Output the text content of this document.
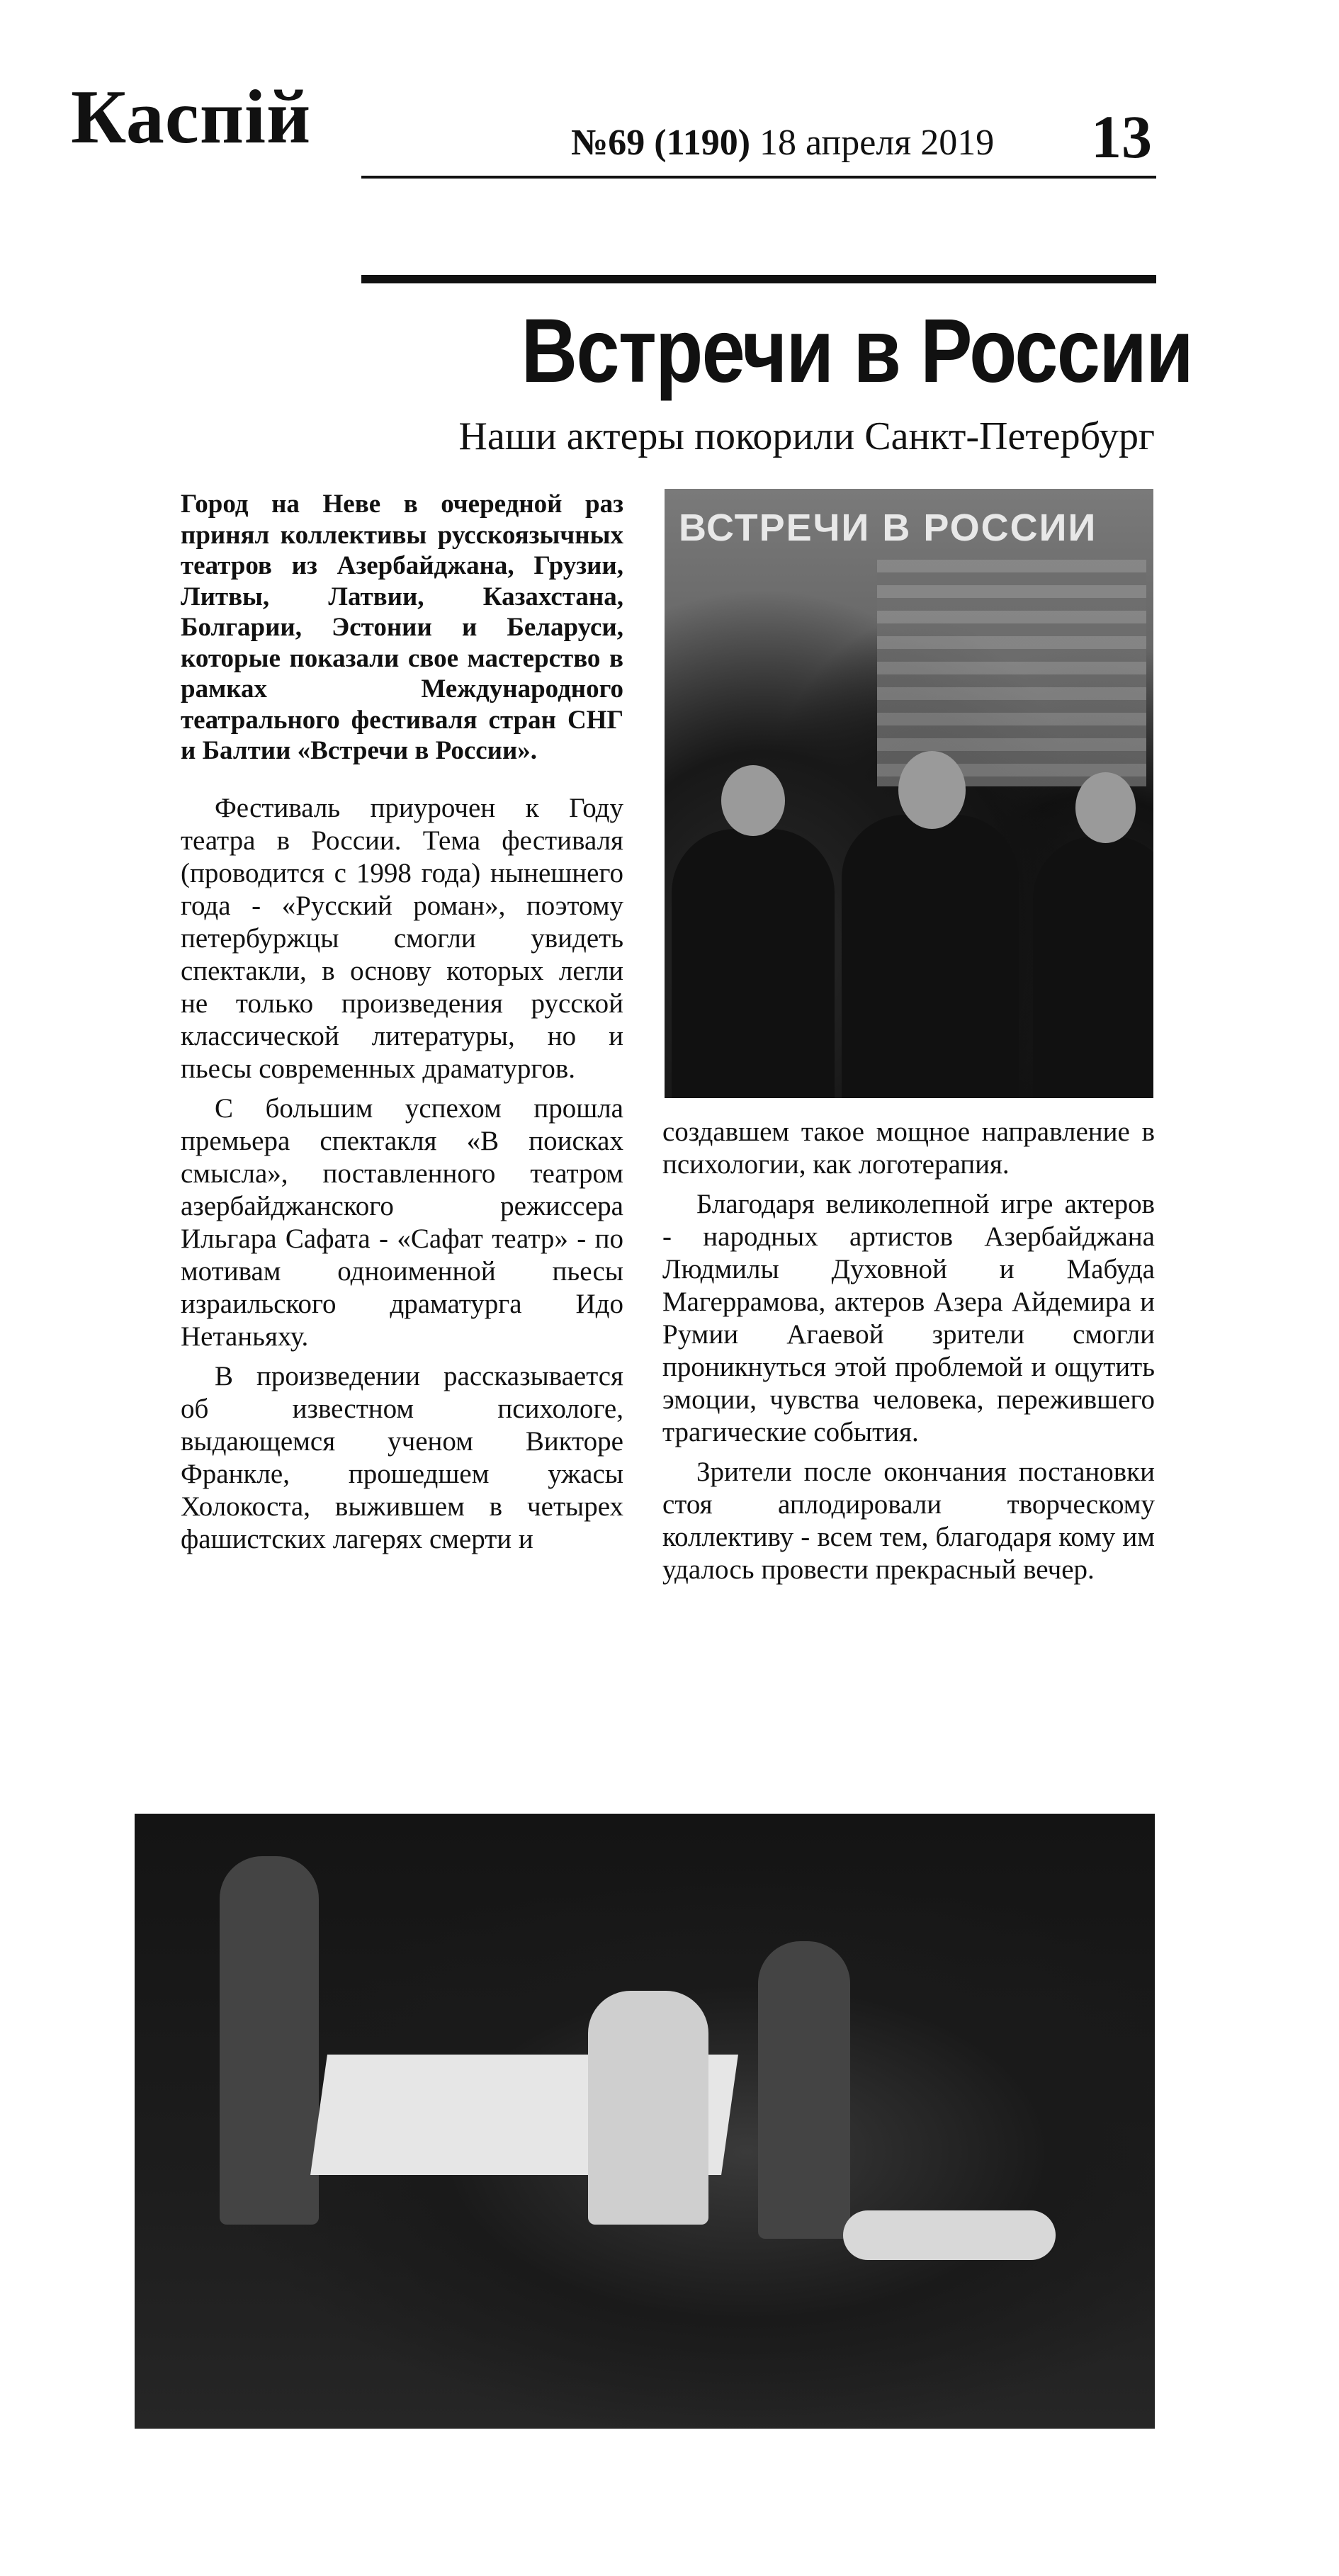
Каспiй	№69 (1190) 18 апреля 2019 13
Встречи в России
Наши актеры покорили Санкт-Петербург

Город на Неве в очередной раз принял коллективы русскоязычных театров из Азербайджана, Грузии, Литвы, Латвии, Казахстана, Болгарии, Эстонии и Беларуси, которые показали свое мастерство в рамках Международного театрального фестиваля стран СНГ и Балтии «Встречи в России».

Фестиваль приурочен к Году театра в России. Тема фестиваля (проводится с 1998 года) нынешнего года - «Русский роман», поэтому петербуржцы смогли увидеть спектакли, в основу которых легли не только произведения русской классической литературы, но и пьесы современных драматургов.

С большим успехом прошла премьера спектакля «В поисках смысла», поставленного театром азербайджанского режиссера Ильгара Сафата - «Сафат театр» - по мотивам одноименной пьесы израильского драматурга Идо Нетаньяху.

В произведении рассказывается об известном психологе, выдающемся ученом Викторе Франкле, прошедшем ужасы Холокоста, выжившем в четырех фашистских лагерях смерти и

ВСТРЕЧИ В РОССИИ

создавшем такое мощное направление в психологии, как логотерапия.

Благодаря великолепной игре актеров - народных артистов Азербайджана Людмилы Духовной и Мабуда Магеррамова, актеров Азера Айдемира и Румии Агаевой зрители смогли проникнуться этой проблемой и ощутить эмоции, чувства человека, пережившего трагические события.

Зрители после окончания постановки стоя аплодировали творческому коллективу - всем тем, благодаря кому им удалось провести прекрасный вечер.
